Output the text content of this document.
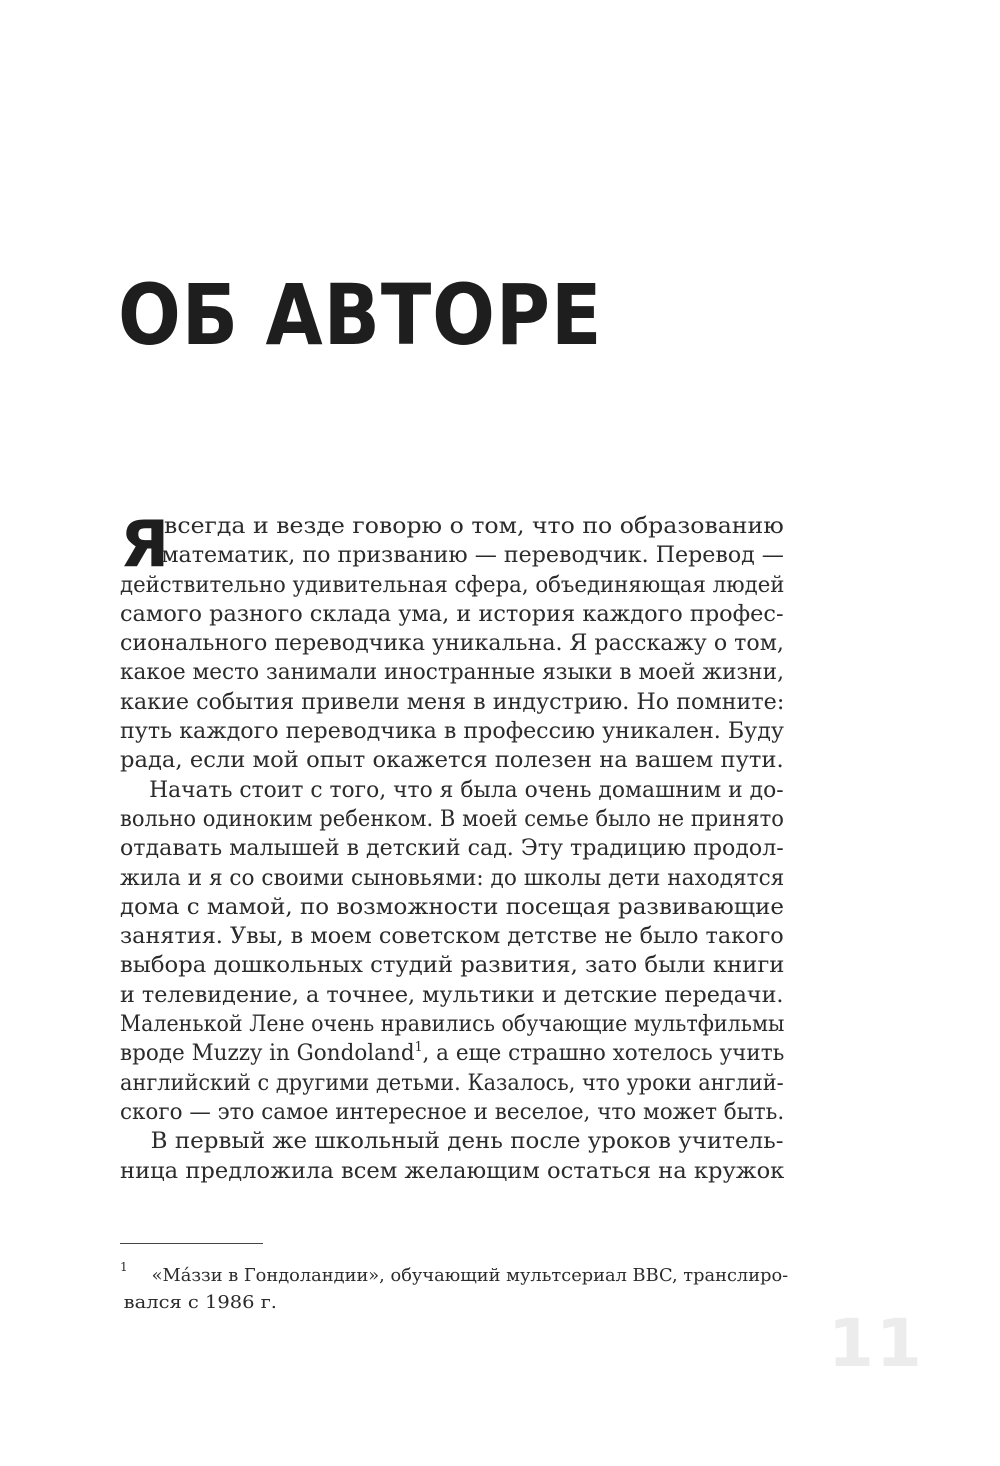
ОБ АВТОРЕ
Я
всегда и везде говорю о том, что по образованию
математик, по призванию — переводчик. Перевод —
действительно удивительная сфера, объединяющая людей
самого разного склада ума, и история каждого профес-
сионального переводчика уникальна. Я расскажу о том,
какое место занимали иностранные языки в моей жизни,
какие события привели меня в индустрию. Но помните:
путь каждого переводчика в профессию уникален. Буду
рада, если мой опыт окажется полезен на вашем пути.
Начать стоит с того, что я была очень домашним и до-
вольно одиноким ребенком. В моей семье было не принято
отдавать малышей в детский сад. Эту традицию продол-
жила и я со своими сыновьями: до школы дети находятся
дома с мамой, по возможности посещая развивающие
занятия. Увы, в моем советском детстве не было такого
выбора дошкольных студий развития, зато были книги
и телевидение, а точнее, мультики и детские передачи.
Маленькой Лене очень нравились обучающие мультфильмы
вроде Muzzy in Gondoland$^1$, а еще страшно хотелось учить
английский с другими детьми. Казалось, что уроки англий-
ского — это самое интересное и веселое, что может быть.
В первый же школьный день после уроков учитель-
ница предложила всем желающим остаться на кружок
1	«Мáззи в Гондоландии», обучающий мультсериал BBC, транслиро-
вался с 1986 г.
11
